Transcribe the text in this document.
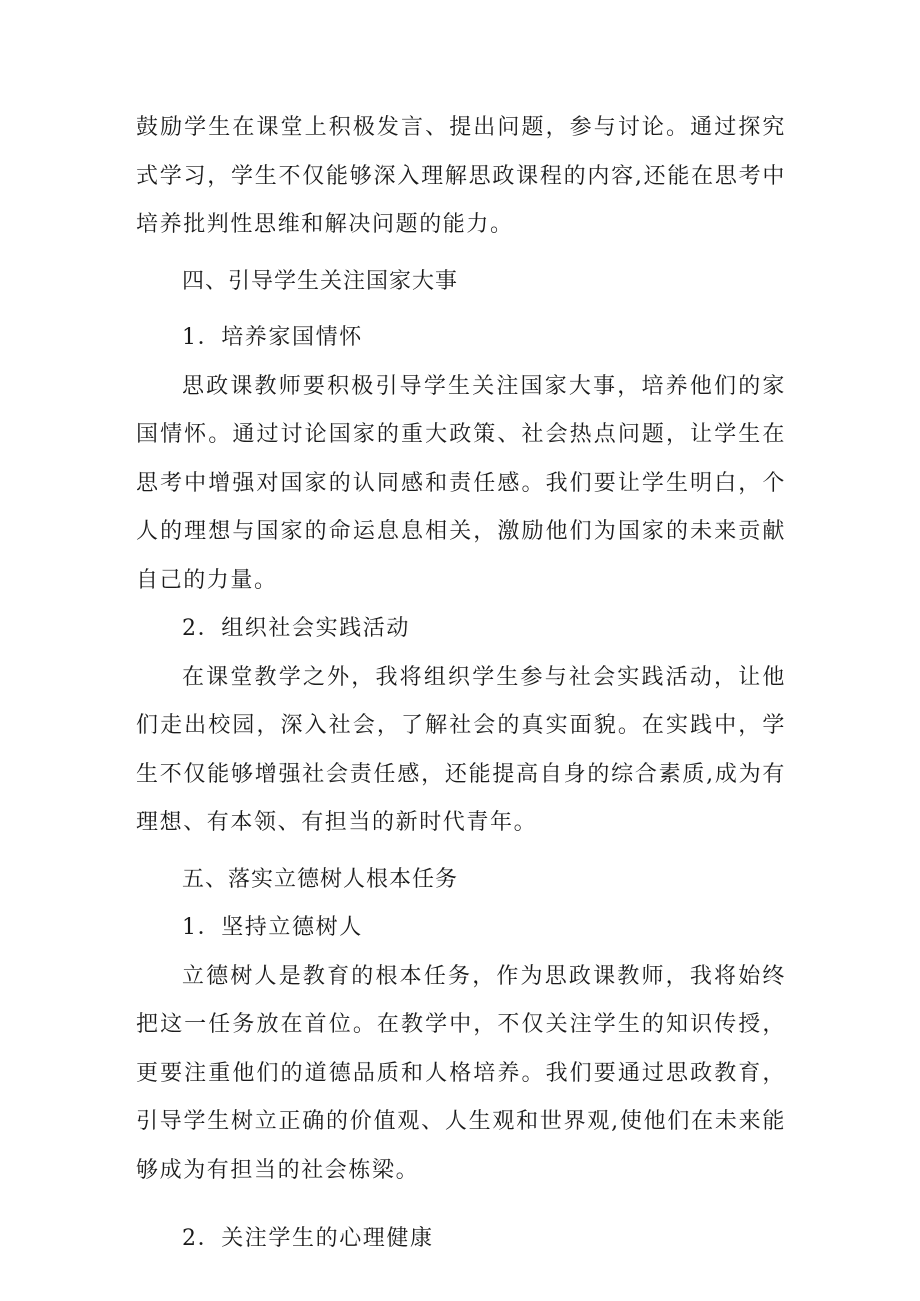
鼓励学生在课堂上积极发言、提出问题，参与讨论。通过探究式学习，学生不仅能够深入理解思政课程的内容,还能在思考中培养批判性思维和解决问题的能力。

四、引导学生关注国家大事

1．培养家国情怀

思政课教师要积极引导学生关注国家大事，培养他们的家国情怀。通过讨论国家的重大政策、社会热点问题，让学生在思考中增强对国家的认同感和责任感。我们要让学生明白，个人的理想与国家的命运息息相关，激励他们为国家的未来贡献自己的力量。

2．组织社会实践活动

在课堂教学之外，我将组织学生参与社会实践活动，让他们走出校园，深入社会，了解社会的真实面貌。在实践中，学生不仅能够增强社会责任感，还能提高自身的综合素质,成为有理想、有本领、有担当的新时代青年。

五、落实立德树人根本任务

1．坚持立德树人

立德树人是教育的根本任务，作为思政课教师，我将始终把这一任务放在首位。在教学中，不仅关注学生的知识传授，更要注重他们的道德品质和人格培养。我们要通过思政教育，引导学生树立正确的价值观、人生观和世界观,使他们在未来能够成为有担当的社会栋梁。

2．关注学生的心理健康
